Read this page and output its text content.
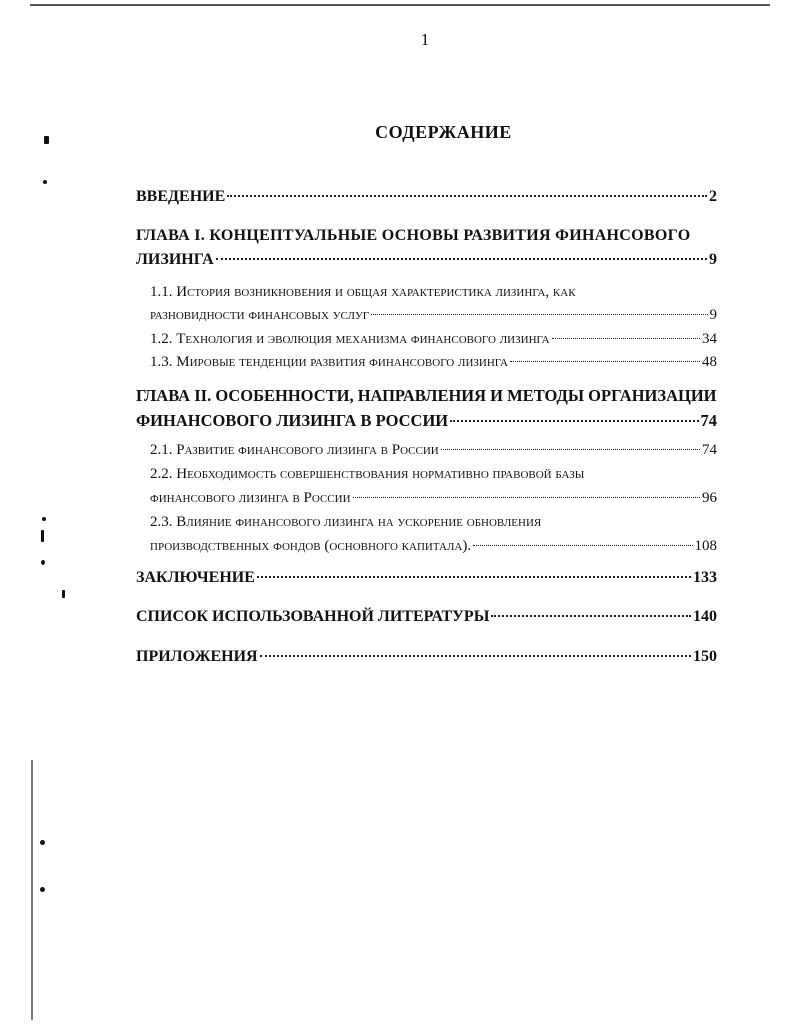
1
СОДЕРЖАНИЕ
ВВЕДЕНИЕ	2
ГЛАВА I. КОНЦЕПТУАЛЬНЫЕ ОСНОВЫ РАЗВИТИЯ ФИНАНСОВОГО
ЛИЗИНГА	9
1.1. История возникновения и общая характеристика лизинга, как
разновидности финансовых услуг	9
1.2. Технология и эволюция механизма финансового лизинга	34
1.3. Мировые тенденции развития финансового лизинга	48
ГЛАВА II. ОСОБЕННОСТИ, НАПРАВЛЕНИЯ И МЕТОДЫ ОРГАНИЗАЦИИ
ФИНАНСОВОГО ЛИЗИНГА В РОССИИ	74
2.1. Развитие финансового лизинга в России	74
2.2. Необходимость совершенствования нормативно правовой базы
финансового лизинга в России	96
2.3. Влияние финансового лизинга на ускорение обновления
производственных фондов (основного капитала).	108
ЗАКЛЮЧЕНИЕ	133
СПИСОК ИСПОЛЬЗОВАННОЙ ЛИТЕРАТУРЫ	140
ПРИЛОЖЕНИЯ	150
